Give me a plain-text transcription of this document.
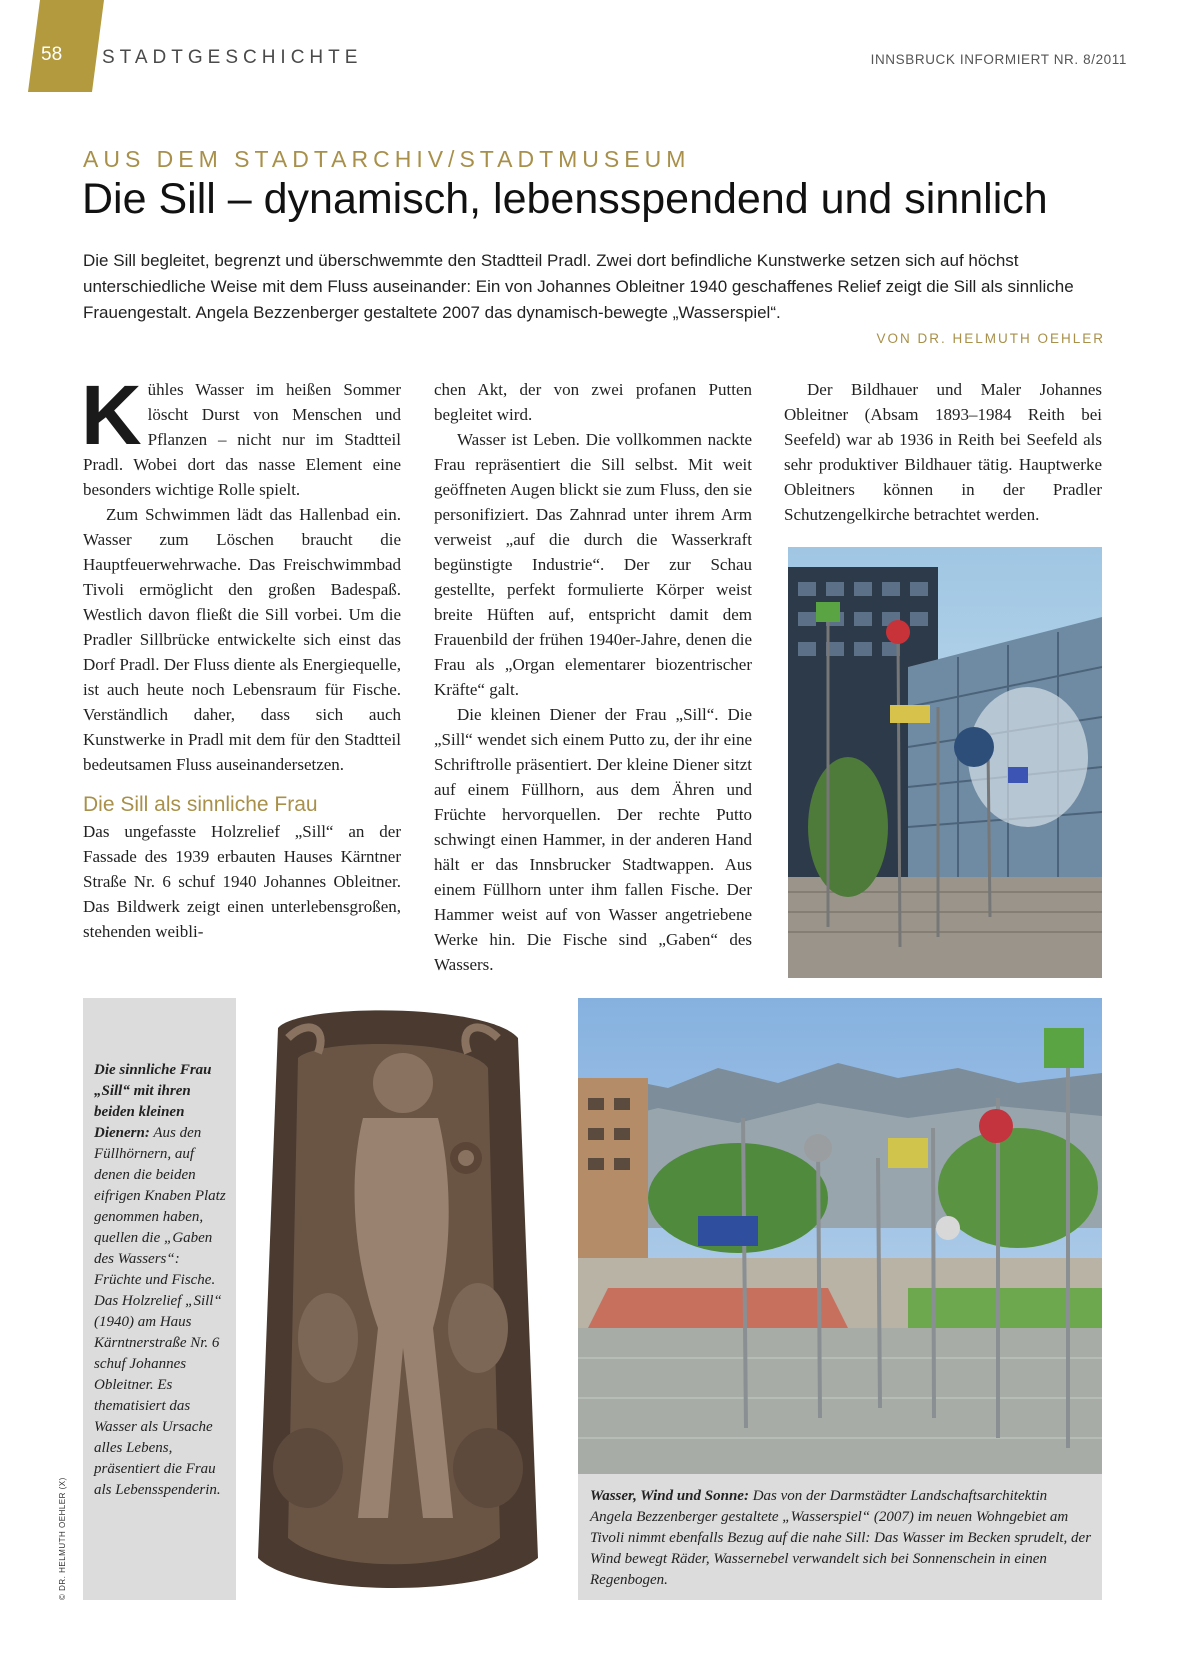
58	STADTGESCHICHTE	INNSBRUCK INFORMIERT NR. 8/2011
AUS DEM STADTARCHIV/STADTMUSEUM
Die Sill – dynamisch, lebensspendend und sinnlich
Die Sill begleitet, begrenzt und überschwemmte den Stadtteil Pradl. Zwei dort befindliche Kunstwerke setzen sich auf höchst unterschiedliche Weise mit dem Fluss auseinander: Ein von Johannes Obleitner 1940 geschaffenes Relief zeigt die Sill als sinnliche Frauengestalt. Angela Bezzenberger gestaltete 2007 das dynamisch-bewegte „Wasserspiel“.
VON DR. HELMUTH OEHLER

Kühles Wasser im heißen Sommer löscht Durst von Menschen und Pflanzen – nicht nur im Stadtteil Pradl. Wobei dort das nasse Element eine besonders wichtige Rolle spielt.

Zum Schwimmen lädt das Hallenbad ein. Wasser zum Löschen braucht die Hauptfeuerwehrwache. Das Freischwimmbad Tivoli ermöglicht den großen Badespaß. Westlich davon fließt die Sill vorbei. Um die Pradler Sillbrücke entwickelte sich einst das Dorf Pradl. Der Fluss diente als Energiequelle, ist auch heute noch Lebensraum für Fische. Verständlich daher, dass sich auch Kunstwerke in Pradl mit dem für den Stadtteil bedeutsamen Fluss auseinandersetzen.

Die Sill als sinnliche Frau

Das ungefasste Holzrelief „Sill“ an der Fassade des 1939 erbauten Hauses Kärntner Straße Nr. 6 schuf 1940 Johannes Obleitner. Das Bildwerk zeigt einen unterlebensgroßen, stehenden weibli-

chen Akt, der von zwei profanen Putten begleitet wird.

Wasser ist Leben. Die vollkommen nackte Frau repräsentiert die Sill selbst. Mit weit geöffneten Augen blickt sie zum Fluss, den sie personifiziert. Das Zahnrad unter ihrem Arm verweist „auf die durch die Wasserkraft begünstigte Industrie“. Der zur Schau gestellte, perfekt formulierte Körper weist breite Hüften auf, entspricht damit dem Frauenbild der frühen 1940er-Jahre, denen die Frau als „Organ elementarer biozentrischer Kräfte“ galt.

Die kleinen Diener der Frau „Sill“. Die „Sill“ wendet sich einem Putto zu, der ihr eine Schriftrolle präsentiert. Der kleine Diener sitzt auf einem Füllhorn, aus dem Ähren und Früchte hervorquellen. Der rechte Putto schwingt einen Hammer, in der anderen Hand hält er das Innsbrucker Stadtwappen. Aus einem Füllhorn unter ihm fallen Fische. Der Hammer weist auf von Wasser angetriebene Werke hin. Die Fische sind „Gaben“ des Wassers.

Der Bildhauer und Maler Johannes Obleitner (Absam 1893–1984 Reith bei Seefeld) war ab 1936 in Reith bei Seefeld als sehr produktiver Bildhauer tätig. Hauptwerke Obleitners können in der Pradler Schutzengelkirche betrachtet werden.

Die sinnliche Frau „Sill“ mit ihren beiden kleinen Dienern: Aus den Füllhörnern, auf denen die beiden eifrigen Knaben Platz genommen haben, quellen die „Gaben des Wassers“: Früchte und Fische. Das Holzrelief „Sill“ (1940) am Haus Kärntnerstraße Nr. 6 schuf Johannes Obleitner. Es thematisiert das Wasser als Ursache alles Lebens, präsentiert die Frau als Lebensspenderin.
© DR. HELMUTH OEHLER (X)	Wasser, Wind und Sonne: Das von der Darmstädter Landschaftsarchitektin Angela Bezzenberger gestaltete „Wasserspiel“ (2007) im neuen Wohngebiet am Tivoli nimmt ebenfalls Bezug auf die nahe Sill: Das Wasser im Becken sprudelt, der Wind bewegt Räder, Wassernebel verwandelt sich bei Sonnenschein in einen Regenbogen.
